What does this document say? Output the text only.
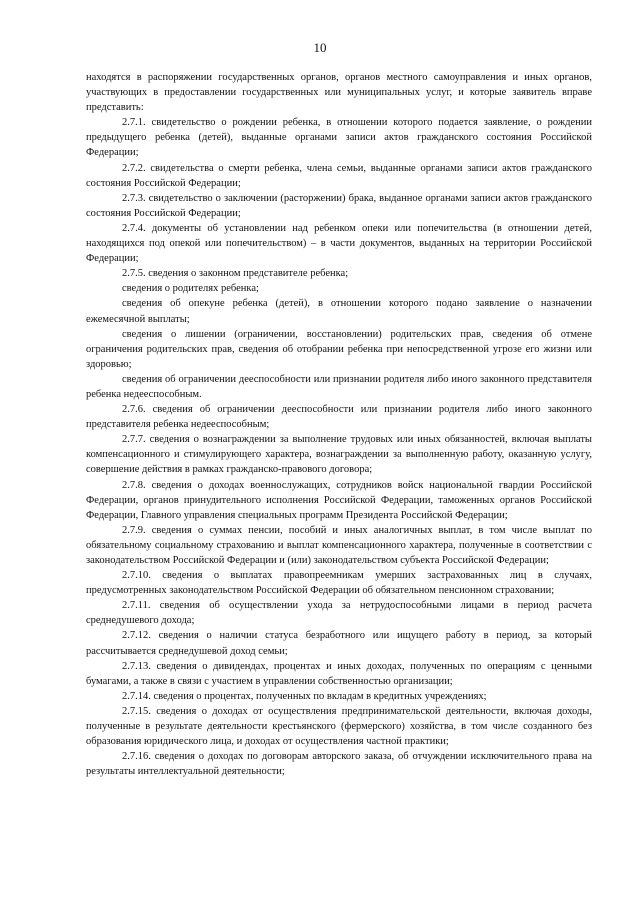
10

находятся в распоряжении государственных органов, органов местного самоуправления и иных органов, участвующих в предоставлении государственных или муниципальных услуг, и которые заявитель вправе представить:

2.7.1. свидетельство о рождении ребенка, в отношении которого подается заявление, о рождении предыдущего ребенка (детей), выданные органами записи актов гражданского состояния Российской Федерации;

2.7.2. свидетельства о смерти ребенка, члена семьи, выданные органами записи актов гражданского состояния Российской Федерации;

2.7.3. свидетельство о заключении (расторжении) брака, выданное органами записи актов гражданского состояния Российской Федерации;

2.7.4. документы об установлении над ребенком опеки или попечительства (в отношении детей, находящихся под опекой или попечительством) – в части документов, выданных на территории Российской Федерации;

2.7.5. сведения о законном представителе ребенка;

сведения о родителях ребенка;

сведения об опекуне ребенка (детей), в отношении которого подано заявление о назначении ежемесячной выплаты;

сведения о лишении (ограничении, восстановлении) родительских прав, сведения об отмене ограничения родительских прав, сведения об отобрании ребенка при непосредственной угрозе его жизни или здоровью;

сведения об ограничении дееспособности или признании родителя либо иного законного представителя ребенка недееспособным.

2.7.6. сведения об ограничении дееспособности или признании родителя либо иного законного представителя ребенка недееспособным;

2.7.7. сведения о вознаграждении за выполнение трудовых или иных обязанностей, включая выплаты компенсационного и стимулирующего характера, вознаграждении за выполненную работу, оказанную услугу, совершение действия в рамках гражданско-правового договора;

2.7.8. сведения о доходах военнослужащих, сотрудников войск национальной гвардии Российской Федерации, органов принудительного исполнения Российской Федерации, таможенных органов Российской Федерации, Главного управления специальных программ Президента Российской Федерации;

2.7.9. сведения о суммах пенсии, пособий и иных аналогичных выплат, в том числе выплат по обязательному социальному страхованию и выплат компенсационного характера, полученные в соответствии с законодательством Российской Федерации и (или) законодательством субъекта Российской Федерации;

2.7.10. сведения о выплатах правопреемникам умерших застрахованных лиц в случаях, предусмотренных законодательством Российской Федерации об обязательном пенсионном страховании;

2.7.11. сведения об осуществлении ухода за нетрудоспособными лицами в период расчета среднедушевого дохода;

2.7.12. сведения о наличии статуса безработного или ищущего работу в период, за который рассчитывается среднедушевой доход семьи;

2.7.13. сведения о дивидендах, процентах и иных доходах, полученных по операциям с ценными бумагами, а также в связи с участием в управлении собственностью организации;

2.7.14. сведения о процентах, полученных по вкладам в кредитных учреждениях;

2.7.15. сведения о доходах от осуществления предпринимательской деятельности, включая доходы, полученные в результате деятельности крестьянского (фермерского) хозяйства, в том числе созданного без образования юридического лица, и доходах от осуществления частной практики;

2.7.16. сведения о доходах по договорам авторского заказа, об отчуждении исключительного права на результаты интеллектуальной деятельности;
